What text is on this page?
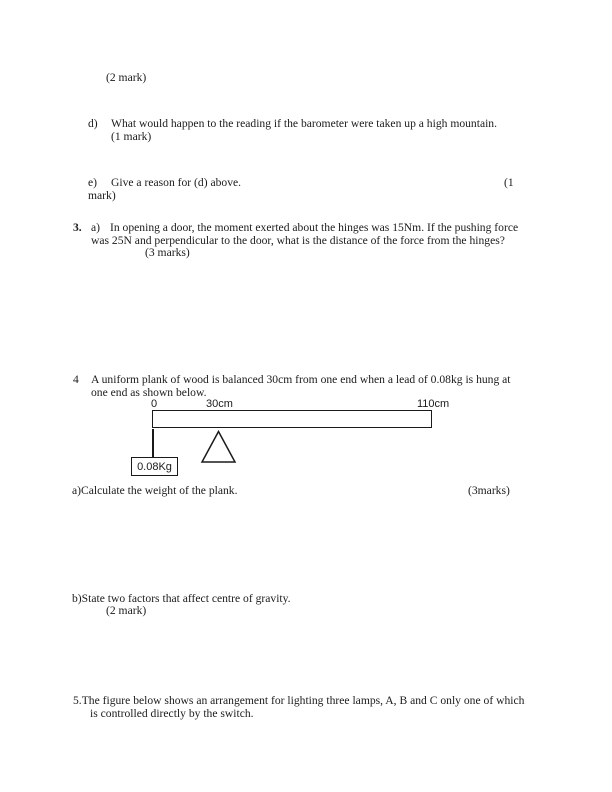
(2 mark)
d) What would happen to the reading if the barometer were taken up a high mountain.
(1 mark)
e) Give a reason for (d) above.	(1
mark)
3. a) In opening a door, the moment exerted about the hinges was 15Nm. If the pushing force
was 25N and perpendicular to the door, what is the distance of the force from the hinges?
(3 marks)
4 A uniform plank of wood is balanced 30cm from one end when a lead of 0.08kg is hung at
one end as shown below.
0	30cm	110cm
0.08Kg
a)Calculate the weight of the plank.	(3marks)
b)State two factors that affect centre of gravity.
(2 mark)
5.The figure below shows an arrangement for lighting three lamps, A, B and C only one of which
is controlled directly by the switch.
